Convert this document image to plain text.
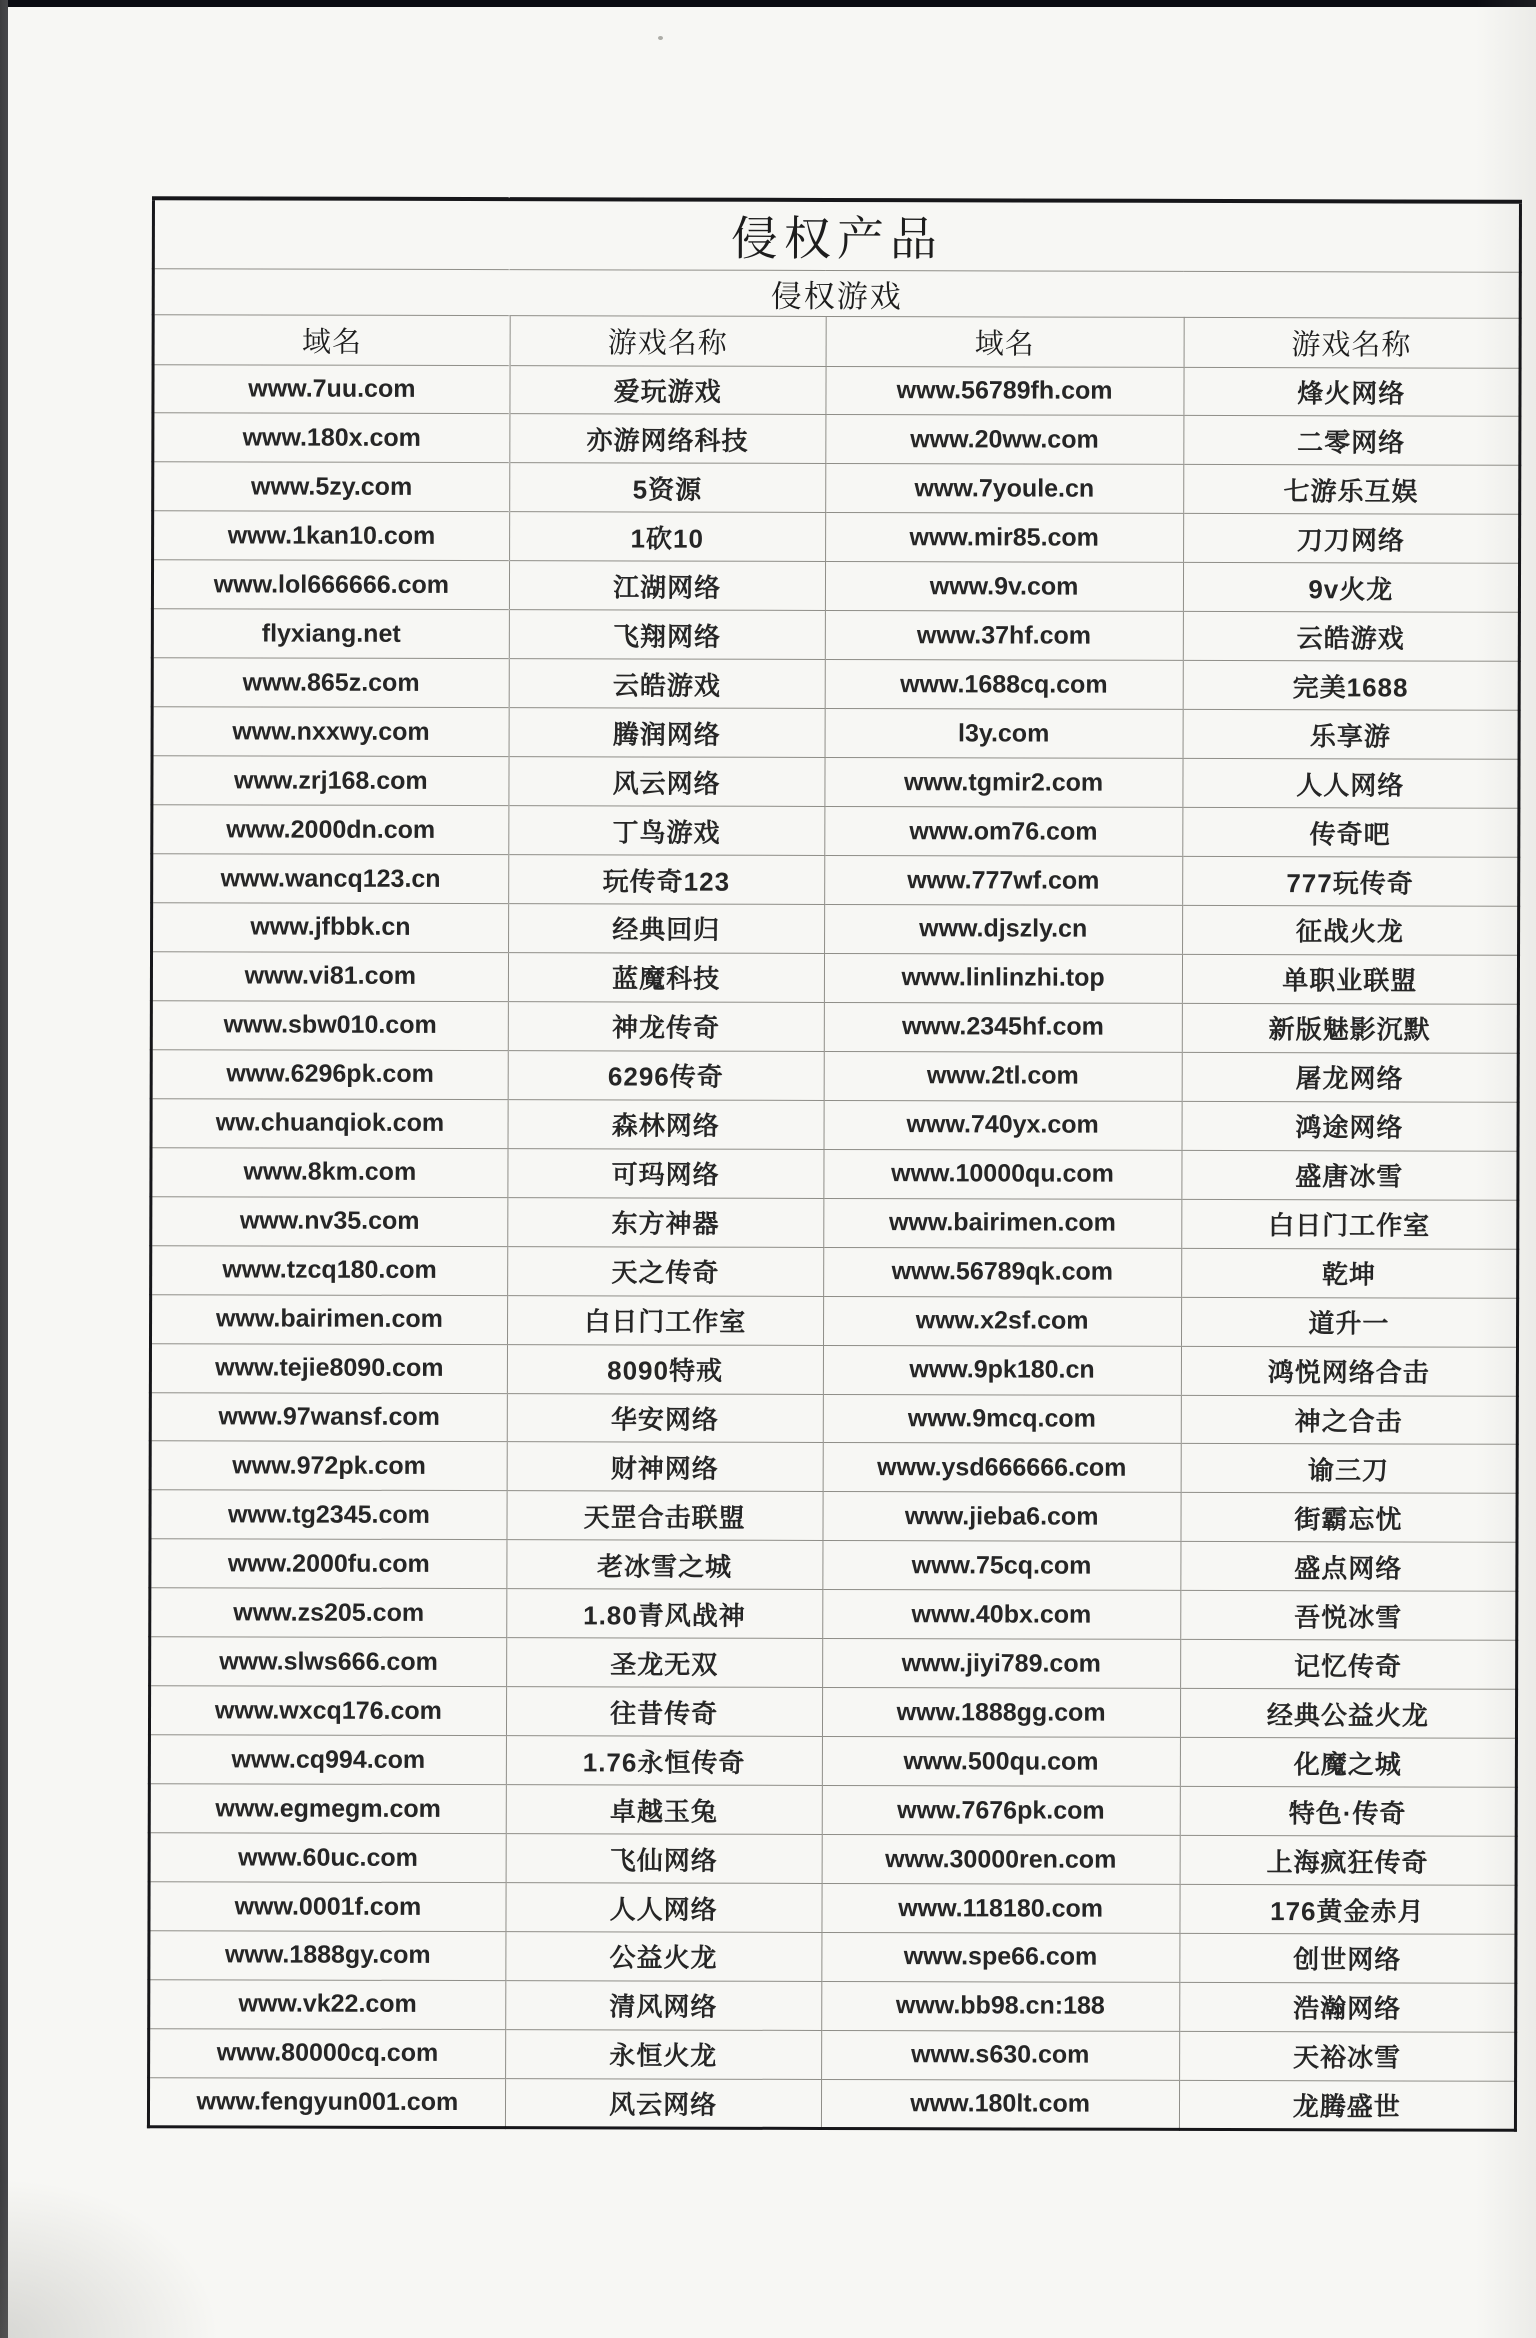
侵权产品			
侵权游戏			
域名	游戏名称	域名	游戏名称
www.7uu.com	爱玩游戏	www.56789fh.com	烽火网络
www.180x.com	亦游网络科技	www.20ww.com	二零网络
www.5zy.com	5资源	www.7youle.cn	七游乐互娱
www.1kan10.com	1砍10	www.mir85.com	刀刀网络
www.lol666666.com	江湖网络	www.9v.com	9v火龙
flyxiang.net	飞翔网络	www.37hf.com	云皓游戏
www.865z.com	云皓游戏	www.1688cq.com	完美1688
www.nxxwy.com	腾润网络	l3y.com	乐享游
www.zrj168.com	风云网络	www.tgmir2.com	人人网络
www.2000dn.com	丁鸟游戏	www.om76.com	传奇吧
www.wancq123.cn	玩传奇123	www.777wf.com	777玩传奇
www.jfbbk.cn	经典回归	www.djszly.cn	征战火龙
www.vi81.com	蓝魔科技	www.linlinzhi.top	单职业联盟
www.sbw010.com	神龙传奇	www.2345hf.com	新版魅影沉默
www.6296pk.com	6296传奇	www.2tl.com	屠龙网络
ww.chuanqiok.com	森林网络	www.740yx.com	鸿途网络
www.8km.com	可玛网络	www.10000qu.com	盛唐冰雪
www.nv35.com	东方神器	www.bairimen.com	白日门工作室
www.tzcq180.com	天之传奇	www.56789qk.com	乾坤
www.bairimen.com	白日门工作室	www.x2sf.com	道升一
www.tejie8090.com	8090特戒	www.9pk180.cn	鸿悦网络合击
www.97wansf.com	华安网络	www.9mcq.com	神之合击
www.972pk.com	财神网络	www.ysd666666.com	谕三刀
www.tg2345.com	天罡合击联盟	www.jieba6.com	街霸忘忧
www.2000fu.com	老冰雪之城	www.75cq.com	盛点网络
www.zs205.com	1.80青风战神	www.40bx.com	吾悦冰雪
www.slws666.com	圣龙无双	www.jiyi789.com	记忆传奇
www.wxcq176.com	往昔传奇	www.1888gg.com	经典公益火龙
www.cq994.com	1.76永恒传奇	www.500qu.com	化魔之城
www.egmegm.com	卓越玉兔	www.7676pk.com	特色·传奇
www.60uc.com	飞仙网络	www.30000ren.com	上海疯狂传奇
www.0001f.com	人人网络	www.118180.com	176黄金赤月
www.1888gy.com	公益火龙	www.spe66.com	创世网络
www.vk22.com	清风网络	www.bb98.cn:188	浩瀚网络
www.80000cq.com	永恒火龙	www.s630.com	天裕冰雪
www.fengyun001.com	风云网络	www.180lt.com	龙腾盛世
